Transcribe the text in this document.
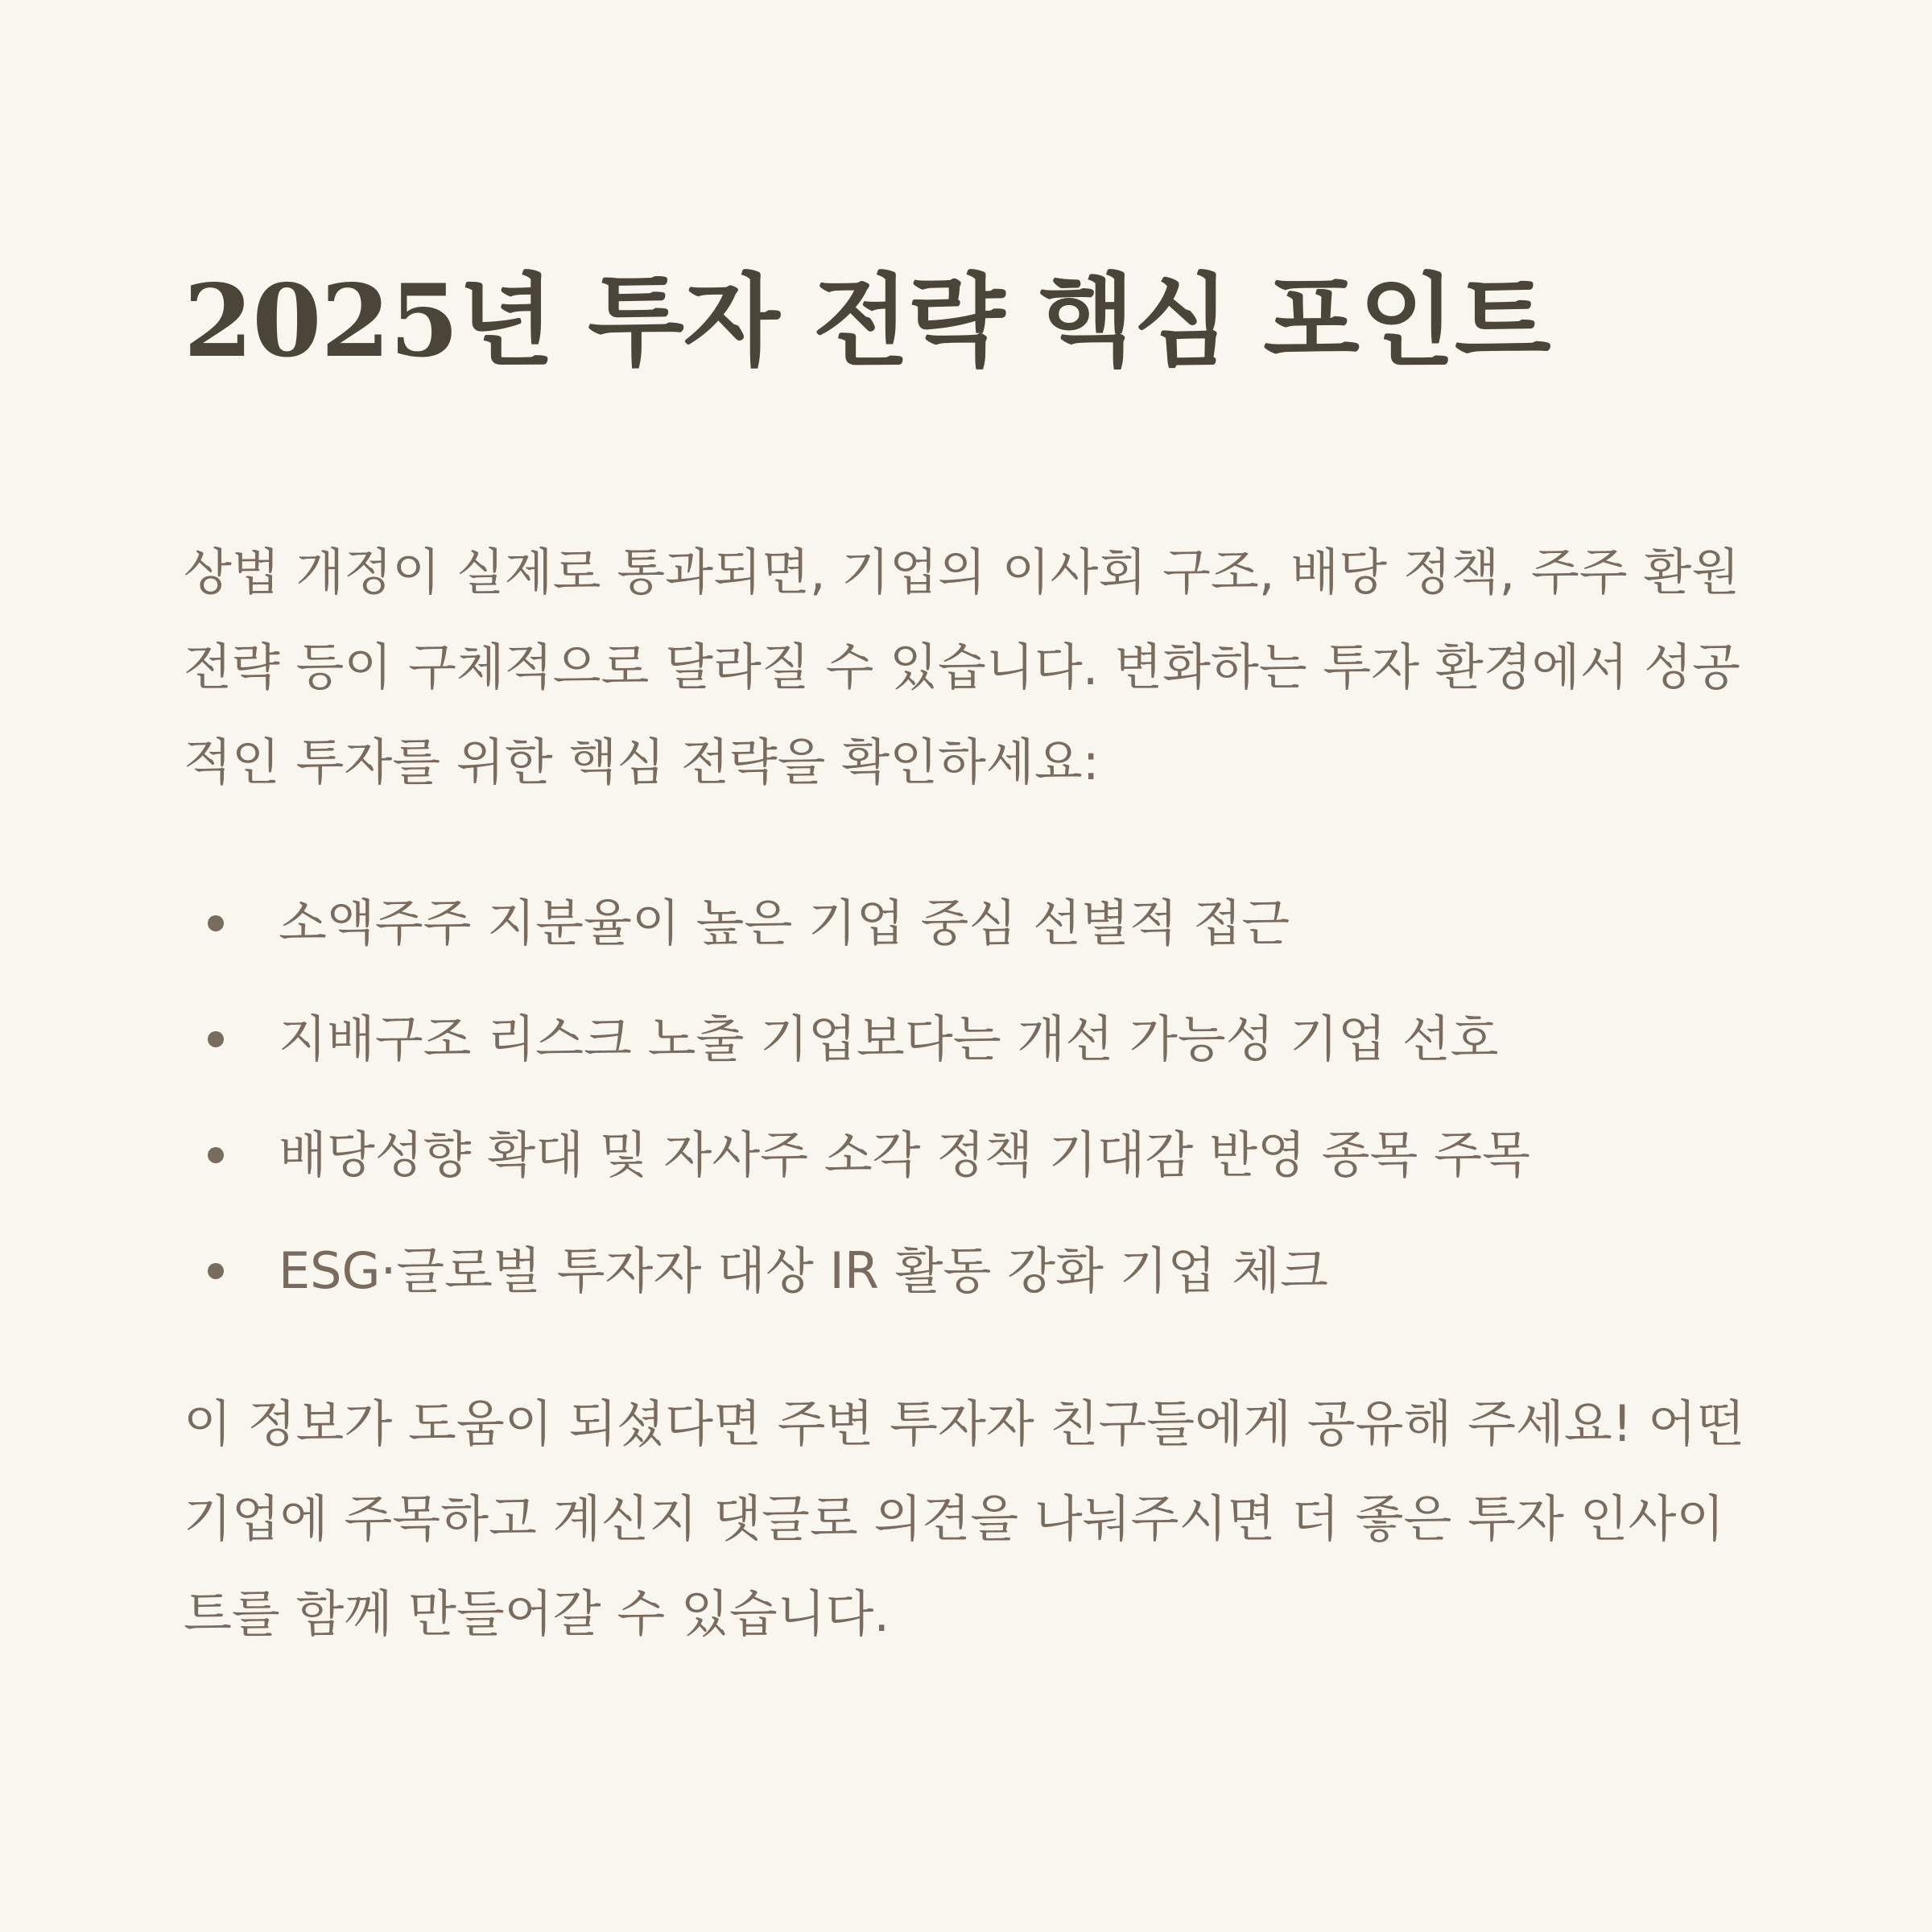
2025년 투자 전략 핵심 포인트

상법 개정이 실제로 통과되면, 기업의 이사회 구조, 배당 정책, 주주 환원 전략 등이 구체적으로 달라질 수 있습니다. 변화하는 투자 환경에서 성공적인 투자를 위한 핵심 전략을 확인하세요:

소액주주 지분율이 높은 기업 중심 선별적 접근
지배구조 리스크 노출 기업보다는 개선 가능성 기업 선호
배당성향 확대 및 자사주 소각 정책 기대감 반영 종목 주목
ESG·글로벌 투자자 대상 IR 활동 강화 기업 체크

이 정보가 도움이 되셨다면 주변 투자자 친구들에게 공유해 주세요! 어떤 기업에 주목하고 계신지 댓글로 의견을 나눠주시면 더 좋은 투자 인사이트를 함께 만들어갈 수 있습니다.
